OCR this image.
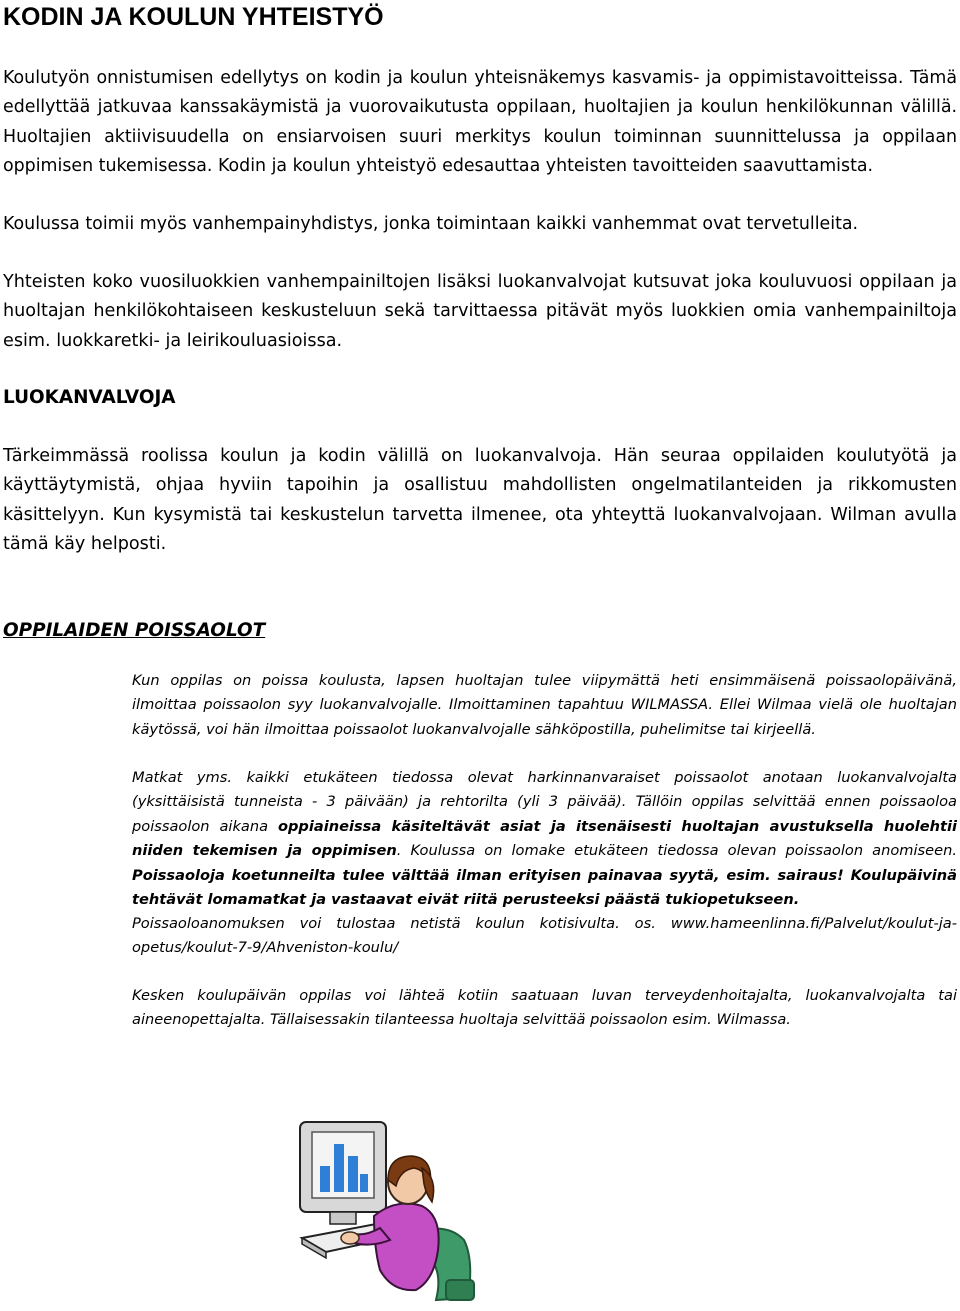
KODIN JA KOULUN YHTEISTYÖ

Koulutyön onnistumisen edellytys on kodin ja koulun yhteisnäkemys kasvamis- ja oppimistavoitteissa. Tämä edellyttää jatkuvaa kanssakäymistä ja vuorovaikutusta oppilaan, huoltajien ja koulun henkilökunnan välillä. Huoltajien aktiivisuudella on ensiarvoisen suuri merkitys koulun toiminnan suunnittelussa ja oppilaan oppimisen tukemisessa. Kodin ja koulun yhteistyö edesauttaa yhteisten tavoitteiden saavuttamista.

Koulussa toimii myös vanhempainyhdistys, jonka toimintaan kaikki vanhemmat ovat tervetulleita.

Yhteisten koko vuosiluokkien vanhempainiltojen lisäksi luokanvalvojat kutsuvat joka kouluvuosi oppilaan ja huoltajan henkilökohtaiseen keskusteluun sekä tarvittaessa pitävät myös luokkien omia vanhempainiltoja esim. luokkaretki- ja leirikouluasioissa.

LUOKANVALVOJA

Tärkeimmässä roolissa koulun ja kodin välillä on luokanvalvoja. Hän seuraa oppilaiden koulutyötä ja käyttäytymistä, ohjaa hyviin tapoihin ja osallistuu mahdollisten ongelmatilanteiden ja rikkomusten käsittelyyn. Kun kysymistä tai keskustelun tarvetta ilmenee, ota yhteyttä luokanvalvojaan. Wilman avulla tämä käy helposti.

OPPILAIDEN POISSAOLOT

Kun oppilas on poissa koulusta, lapsen huoltajan tulee viipymättä heti ensimmäisenä poissaolopäivänä, ilmoittaa poissaolon syy luokanvalvojalle. Ilmoittaminen tapahtuu WILMASSA. Ellei Wilmaa vielä ole huoltajan käytössä, voi hän ilmoittaa poissaolot luokanvalvojalle sähköpostilla, puhelimitse tai kirjeellä.

Matkat yms. kaikki etukäteen tiedossa olevat harkinnanvaraiset poissaolot anotaan luokanvalvojalta (yksittäisistä tunneista - 3 päivään) ja rehtorilta (yli 3 päivää). Tällöin oppilas selvittää ennen poissaoloa poissaolon aikana oppiaineissa käsiteltävät asiat ja itsenäisesti huoltajan avustuksella huolehtii niiden tekemisen ja oppimisen. Koulussa on lomake etukäteen tiedossa olevan poissaolon anomiseen. Poissaoloja koetunneilta tulee välttää ilman erityisen painavaa syytä, esim. sairaus! Koulupäivinä tehtävät lomamatkat ja vastaavat eivät riitä perusteeksi päästä tukiopetukseen.

Poissaoloanomuksen voi tulostaa netistä koulun kotisivulta. os. www.hameenlinna.fi/Palvelut/koulut-ja-opetus/koulut-7-9/Ahveniston-koulu/

Kesken koulupäivän oppilas voi lähteä kotiin saatuaan luvan terveydenhoitajalta, luokanvalvojalta tai aineenopettajalta. Tällaisessakin tilanteessa huoltaja selvittää poissaolon esim. Wilmassa.
